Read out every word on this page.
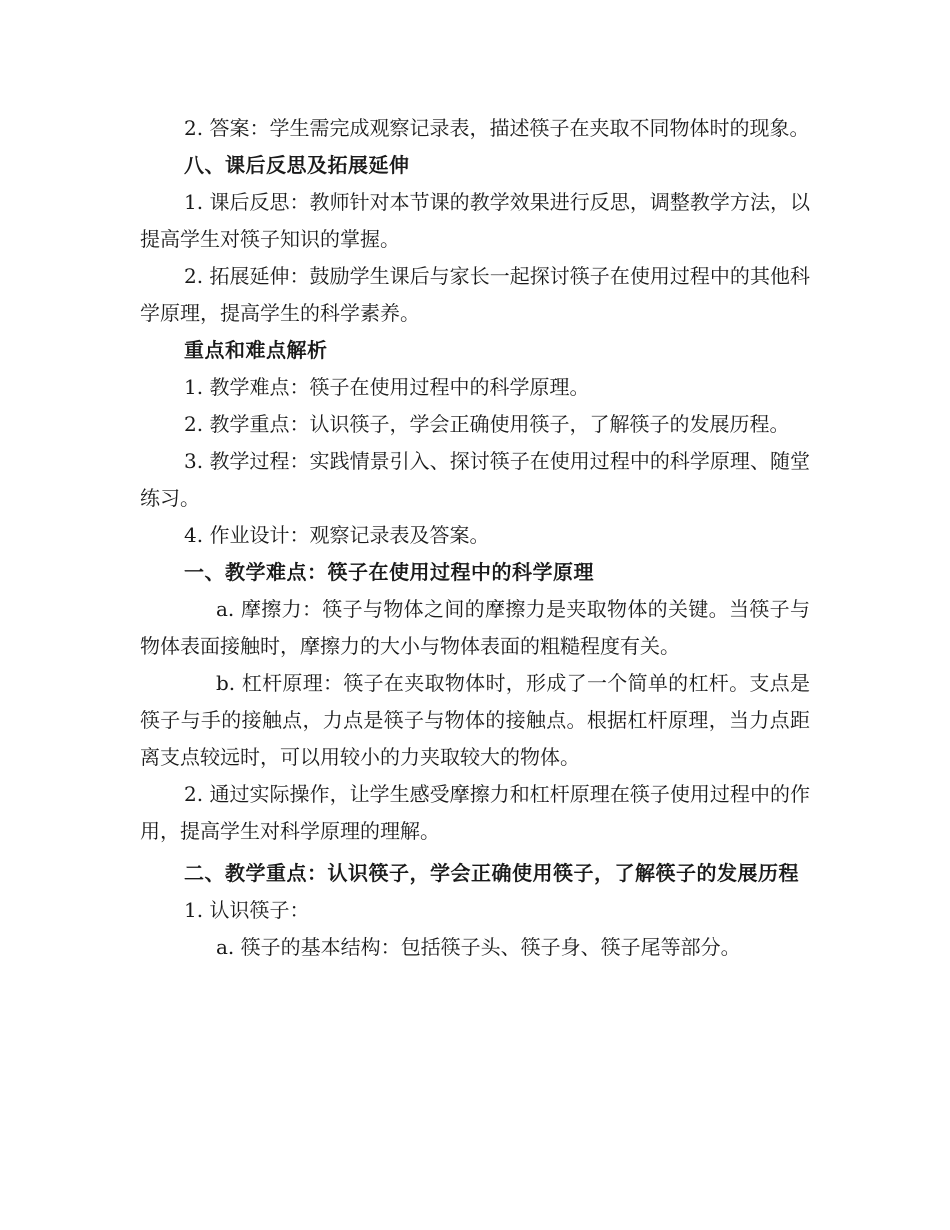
2. 答案：学生需完成观察记录表，描述筷子在夹取不同物体时的现象。

八、课后反思及拓展延伸

1. 课后反思：教师针对本节课的教学效果进行反思，调整教学方法，以提高学生对筷子知识的掌握。

2. 拓展延伸：鼓励学生课后与家长一起探讨筷子在使用过程中的其他科学原理，提高学生的科学素养。

重点和难点解析

1. 教学难点：筷子在使用过程中的科学原理。

2. 教学重点：认识筷子，学会正确使用筷子，了解筷子的发展历程。

3. 教学过程：实践情景引入、探讨筷子在使用过程中的科学原理、随堂练习。

4. 作业设计：观察记录表及答案。

一、教学难点：筷子在使用过程中的科学原理

a. 摩擦力：筷子与物体之间的摩擦力是夹取物体的关键。当筷子与物体表面接触时，摩擦力的大小与物体表面的粗糙程度有关。

b. 杠杆原理：筷子在夹取物体时，形成了一个简单的杠杆。支点是筷子与手的接触点，力点是筷子与物体的接触点。根据杠杆原理，当力点距离支点较远时，可以用较小的力夹取较大的物体。

2. 通过实际操作，让学生感受摩擦力和杠杆原理在筷子使用过程中的作用，提高学生对科学原理的理解。

二、教学重点：认识筷子，学会正确使用筷子，了解筷子的发展历程

1. 认识筷子：

a. 筷子的基本结构：包括筷子头、筷子身、筷子尾等部分。
